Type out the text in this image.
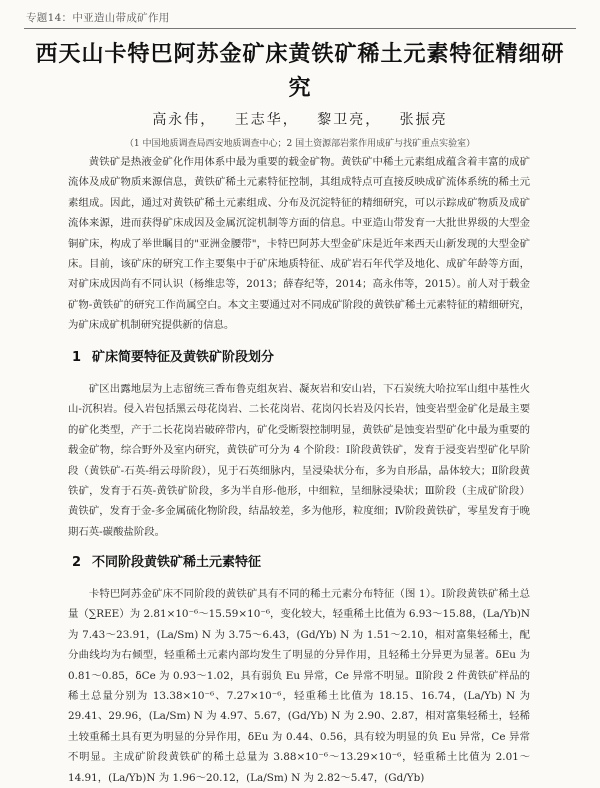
专题14：中亚造山带成矿作用
西天山卡特巴阿苏金矿床黄铁矿稀土元素特征精细研究
高永伟， 王志华， 黎卫亮， 张振亮
（1 中国地质调查局西安地质调查中心；2 国土资源部岩浆作用成矿与找矿重点实验室）

黄铁矿是热液金矿化作用体系中最为重要的载金矿物。黄铁矿中稀土元素组成蕴含着丰富的成矿流体及成矿物质来源信息，黄铁矿稀土元素特征控制，其组成特点可直接反映成矿流体系统的稀土元素组成。因此，通过对黄铁矿稀土元素组成、分布及沉淀特征的精细研究，可以示踪成矿物质及成矿流体来源，进而获得矿床成因及金属沉淀机制等方面的信息。中亚造山带发育一大批世界级的大型金铜矿床，构成了举世瞩目的"亚洲金腰带"，卡特巴阿苏大型金矿床是近年来西天山新发现的大型金矿床。目前，该矿床的研究工作主要集中于矿床地质特征、成矿岩石年代学及地化、成矿年龄等方面，对矿床成因尚有不同认识（杨维忠等，2013；薛春纪等，2014；高永伟等，2015）。前人对于载金矿物-黄铁矿的研究工作尚属空白。本文主要通过对不同成矿阶段的黄铁矿稀土元素特征的精细研究，为矿床成矿机制研究提供新的信息。

1 矿床简要特征及黄铁矿阶段划分

矿区出露地层为上志留统三香布鲁克组灰岩、凝灰岩和安山岩，下石炭统大哈拉军山组中基性火山-沉积岩。侵入岩包括黑云母花岗岩、二长花岗岩、花岗闪长岩及闪长岩，蚀变岩型金矿化是最主要的矿化类型，产于二长花岗岩破碎带内，矿化受断裂控制明显，黄铁矿是蚀变岩型矿化中最为重要的载金矿物，综合野外及室内研究，黄铁矿可分为 4 个阶段：Ⅰ阶段黄铁矿，发育于浸变岩型矿化早阶段（黄铁矿-石英-绢云母阶段），见于石英细脉内，呈浸染状分布，多为自形晶，晶体较大；Ⅱ阶段黄铁矿，发育于石英-黄铁矿阶段，多为半自形-他形，中细粒，呈细脉浸染状；Ⅲ阶段（主成矿阶段）黄铁矿，发育于金-多金属硫化物阶段，结晶较差，多为他形，粒度细；Ⅳ阶段黄铁矿，零星发育于晚期石英-碳酸盐阶段。

2 不同阶段黄铁矿稀土元素特征

卡特巴阿苏金矿床不同阶段的黄铁矿具有不同的稀土元素分布特征（图 1）。Ⅰ阶段黄铁矿稀土总量（∑REE）为 2.81×10⁻⁶～15.59×10⁻⁶，变化较大，轻重稀土比值为 6.93～15.88，(La/Yb)N 为 7.43～23.91，(La/Sm) N 为 3.75～6.43，(Gd/Yb) N 为 1.51～2.10，相对富集轻稀土，配分曲线均为右倾型，轻重稀土元素内部均发生了明显的分异作用，且轻稀土分异更为显著。δEu 为 0.81～0.85，δCe 为 0.93～1.02，具有弱负 Eu 异常，Ce 异常不明显。Ⅱ阶段 2 件黄铁矿样品的稀土总量分别为 13.38×10⁻⁶、7.27×10⁻⁶，轻重稀土比值为 18.15、16.74，(La/Yb) N 为 29.41、29.96，(La/Sm) N 为 4.97、5.67，(Gd/Yb) N 为 2.90、2.87，相对富集轻稀土，轻稀土较重稀土具有更为明显的分异作用，δEu 为 0.44、0.56，具有较为明显的负 Eu 异常，Ce 异常不明显。主成矿阶段黄铁矿的稀土总量为 3.88×10⁻⁶～13.29×10⁻⁶，轻重稀土比值为 2.01～14.91，(La/Yb)N 为 1.96～20.12，(La/Sm) N 为 2.82～5.47，(Gd/Yb)
